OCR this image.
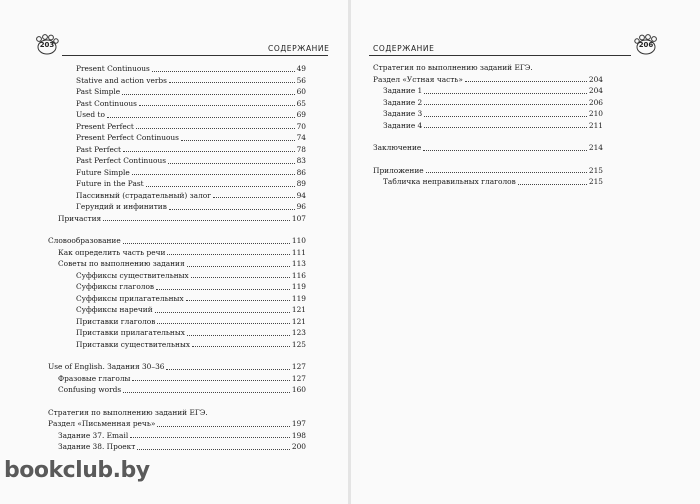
203	206
СОДЕРЖАНИЕ	СОДЕРЖАНИЕ
Present Continuous	49
Stative and action verbs	56
Past Simple	60
Past Continuous	65
Used to	69
Present Perfect	70
Present Perfect Continuous	74
Past Perfect	78
Past Perfect Continuous	83
Future Simple	86
Future in the Past	89
Пассивный (страдательный) залог	94
Герундий и инфинитив	96
Причастия	107
Словообразование	110
Как определить часть речи	111
Советы по выполнению задания	113
Суффиксы существительных	116
Суффиксы глаголов	119
Суффиксы прилагательных	119
Суффиксы наречий	121
Приставки глаголов	121
Приставки прилагательных	123
Приставки существительных	125
Use of English. Задания 30–36	127
Фразовые глаголы	127
Confusing words	160
Стратегия по выполнению заданий ЕГЭ.
Раздел «Письменная речь»	197
Задание 37. Email	198
Задание 38. Проект	200
Стратегия по выполнению заданий ЕГЭ.
Раздел «Устная часть»	204
Задание 1	204
Задание 2	206
Задание 3	210
Задание 4	211
Заключение	214
Приложение	215
Табличка неправильных глаголов	215
bookclub.by
